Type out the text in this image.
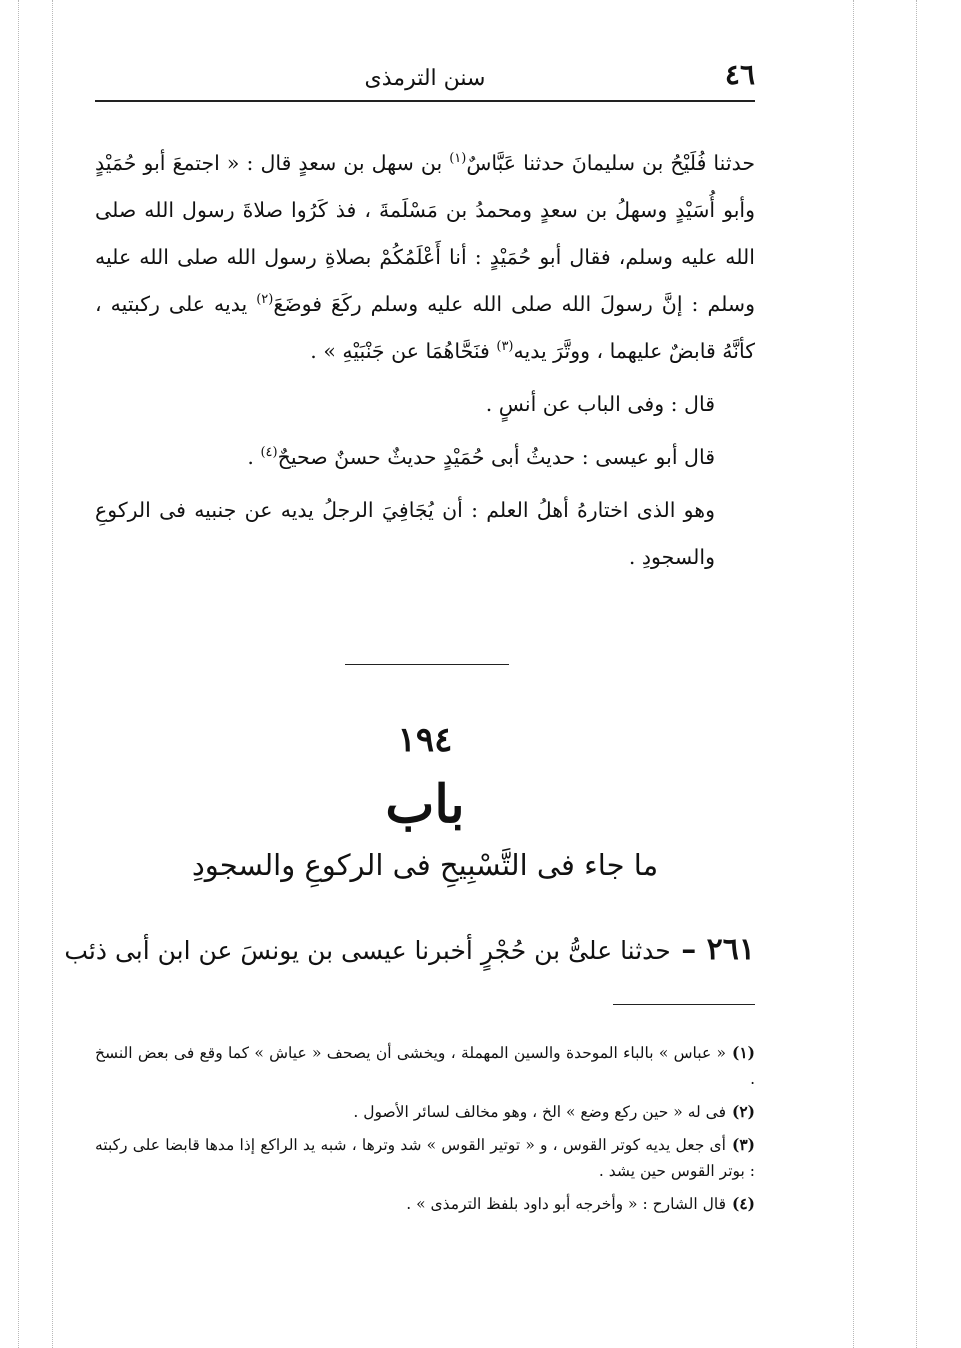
٤٦
سنن الترمذى

حدثنا فُلَيْحُ بن سليمانَ حدثنا عَبَّاسٌ$^{(١)}$ بن سهل بن سعدٍ قال : « اجتمعَ أبو حُمَيْدٍ وأبو أُسَيْدٍ وسهلُ بن سعدٍ ومحمدُ بن مَسْلَمةَ ، فذ كَرُوا صلاةَ رسول الله صلى الله عليه وسلم، فقال أبو حُمَيْدٍ : أنا أَعْلَمُكُمْ بصلاةِ رسول الله صلى الله عليه وسلم : إنَّ رسولَ الله صلى الله عليه وسلم ركَعَ فوضَعَ$^{(٢)}$ يديه على ركبتيه ، كأنَّهُ قابضٌ عليهما ، ووتَّرَ يديه$^{(٣)}$ فنَحَّاهُمَا عن جَنْبَيْهِ » .

قال : وفى الباب عن أنسٍ .

قال أبو عيسى : حديثُ أبى حُمَيْدٍ حديثٌ حسنٌ صحيحٌ$^{(٤)}$ .

وهو الذى اختارهُ أهلُ العلم : أن يُجَافِيَ الرجلُ يديه عن جنبيه فى الركوعِ والسجودِ .

١٩٤
باب
ما جاء فى التَّسْبِيحِ فى الركوعِ والسجودِ
٢٦١ – حدثنا علىُّ بن حُجْرٍ أخبرنا عيسى بن يونسَ عن ابن أبى ذئب

(١)« عباس » بالباء الموحدة والسين المهملة ، ويخشى أن يصحف « عياش » كما وقع فى بعض النسخ .

(٢)فى له « حين ركع وضع » الخ ، وهو مخالف لسائر الأصول .

(٣)أى جعل يديه كوتر القوس ، و « توتير القوس » شد وترها ، شبه يد الراكع إذا مدها قابضا على ركبته : بوتر القوس حين يشد .

(٤)قال الشارح : « وأخرجه أبو داود بلفظ الترمذى » .
